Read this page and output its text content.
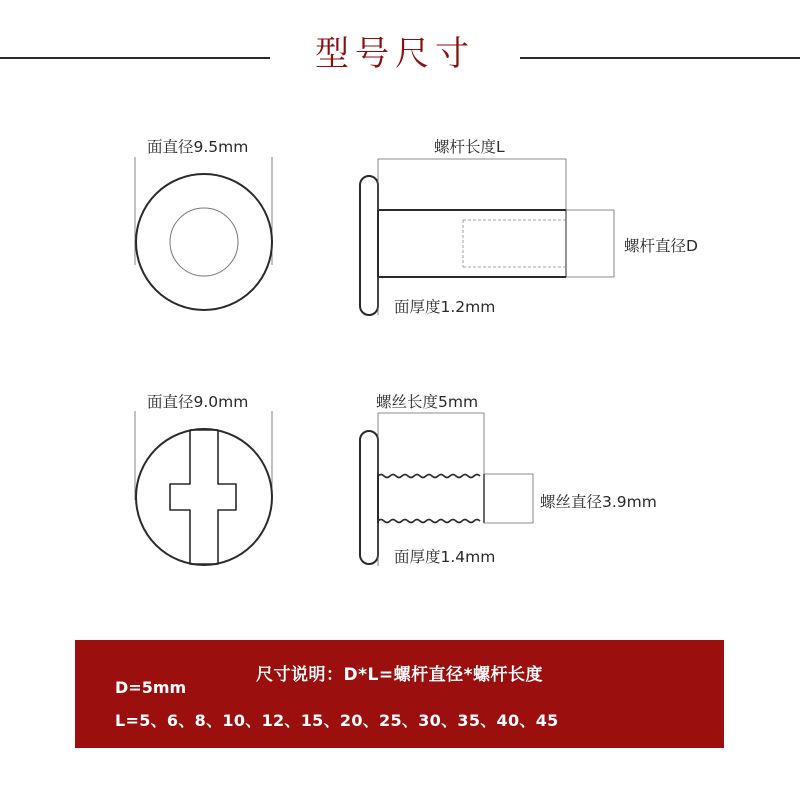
型号尺寸
面直径9.5mm	螺杆长度L
螺杆直径D
面厚度1.2mm
面直径9.0mm	螺丝长度5mm
螺丝直径3.9mm
面厚度1.4mm
尺寸说明：D*L=螺杆直径*螺杆长度
D=5mm
L=5、6、8、10、12、15、20、25、30、35、40、45
